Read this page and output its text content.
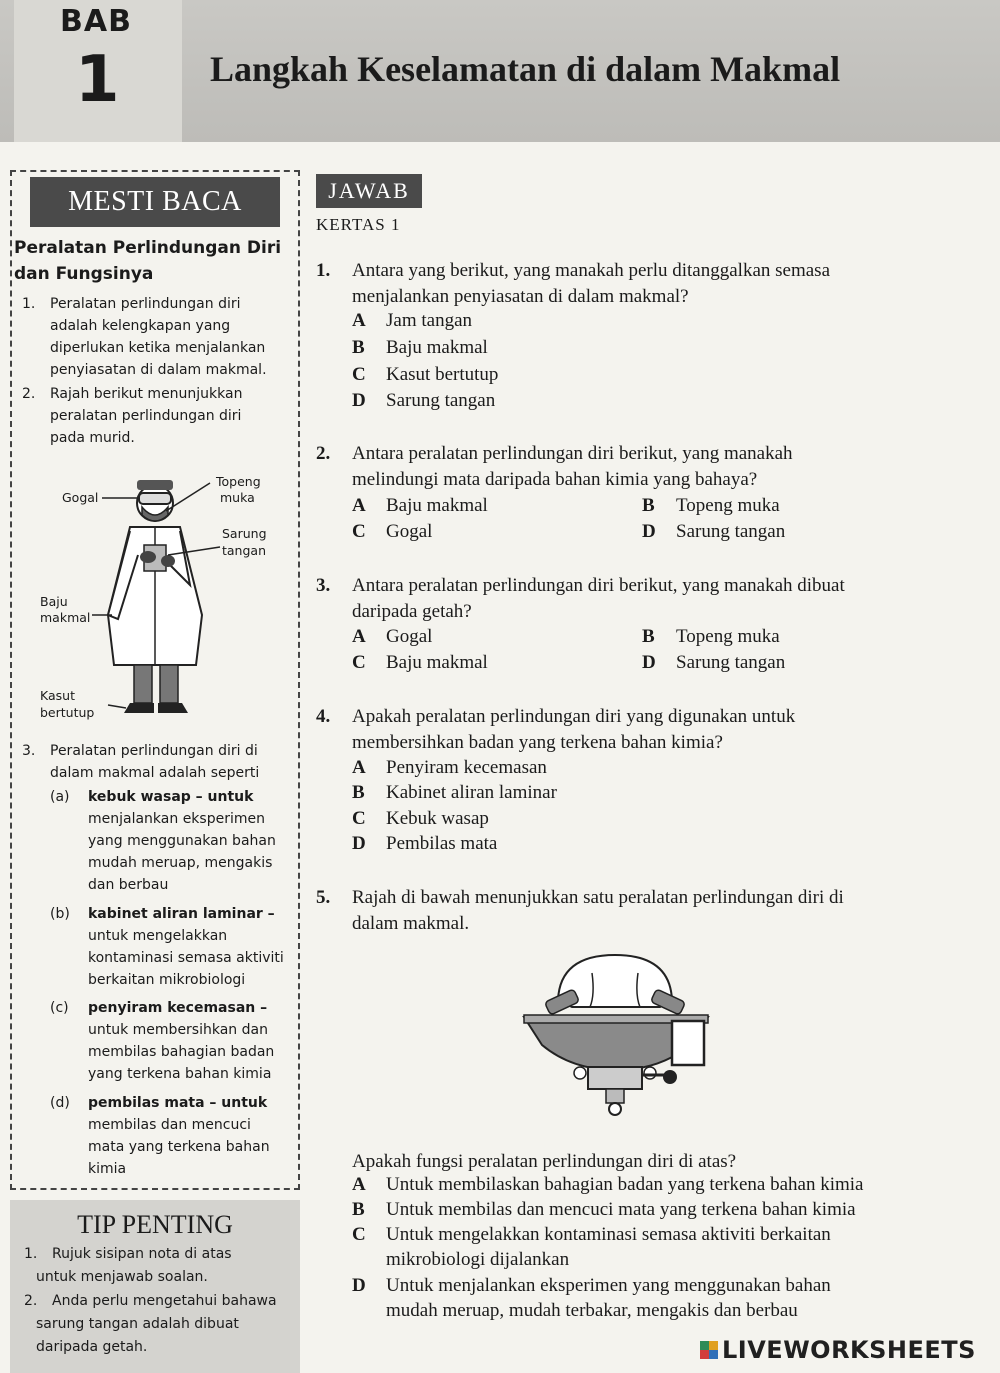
BAB
1	Langkah Keselamatan di dalam Makmal
MESTI BACA
Peralatan Perlindungan Diri
dan Fungsinya
1. Peralatan perlindungan diri
adalah kelengkapan yang
diperlukan ketika menjalankan
penyiasatan di dalam makmal.
2. Rajah berikut menunjukkan
peralatan perlindungan diri
pada murid.
Gogal
Topeng
muka
Sarung
tangan
Baju
makmal
Kasut
bertutup
3. Peralatan perlindungan diri di
dalam makmal adalah seperti
(a) kebuk wasap – untuk
menjalankan eksperimen
yang menggunakan bahan
mudah meruap, mengakis
dan berbau
(b) kabinet aliran laminar –
untuk mengelakkan
kontaminasi semasa aktiviti
berkaitan mikrobiologi
(c) penyiram kecemasan –
untuk membersihkan dan
membilas bahagian badan
yang terkena bahan kimia
(d) pembilas mata – untuk
membilas dan mencuci
mata yang terkena bahan
kimia
TIP PENTING
1. Rujuk sisipan nota di atas
untuk menjawab soalan.
2. Anda perlu mengetahui bahawa
sarung tangan adalah dibuat
daripada getah.
JAWAB
KERTAS 1
1. Antara yang berikut, yang manakah perlu ditanggalkan semasa
menjalankan penyiasatan di dalam makmal?
A Jam tangan
B Baju makmal
C Kasut bertutup
D Sarung tangan
2. Antara peralatan perlindungan diri berikut, yang manakah
melindungi mata daripada bahan kimia yang bahaya?
A Baju makmal	B Topeng muka
C Gogal	D Sarung tangan
3. Antara peralatan perlindungan diri berikut, yang manakah dibuat
daripada getah?
A Gogal	B Topeng muka
C Baju makmal	D Sarung tangan
4. Apakah peralatan perlindungan diri yang digunakan untuk
membersihkan badan yang terkena bahan kimia?
A Penyiram kecemasan
B Kabinet aliran laminar
C Kebuk wasap
D Pembilas mata
5. Rajah di bawah menunjukkan satu peralatan perlindungan diri di
dalam makmal.
Apakah fungsi peralatan perlindungan diri di atas?
A Untuk membilaskan bahagian badan yang terkena bahan kimia
B Untuk membilas dan mencuci mata yang terkena bahan kimia
C Untuk mengelakkan kontaminasi semasa aktiviti berkaitan
mikrobiologi dijalankan
D Untuk menjalankan eksperimen yang menggunakan bahan
mudah meruap, mudah terbakar, mengakis dan berbau
LIVEWORKSHEETS
